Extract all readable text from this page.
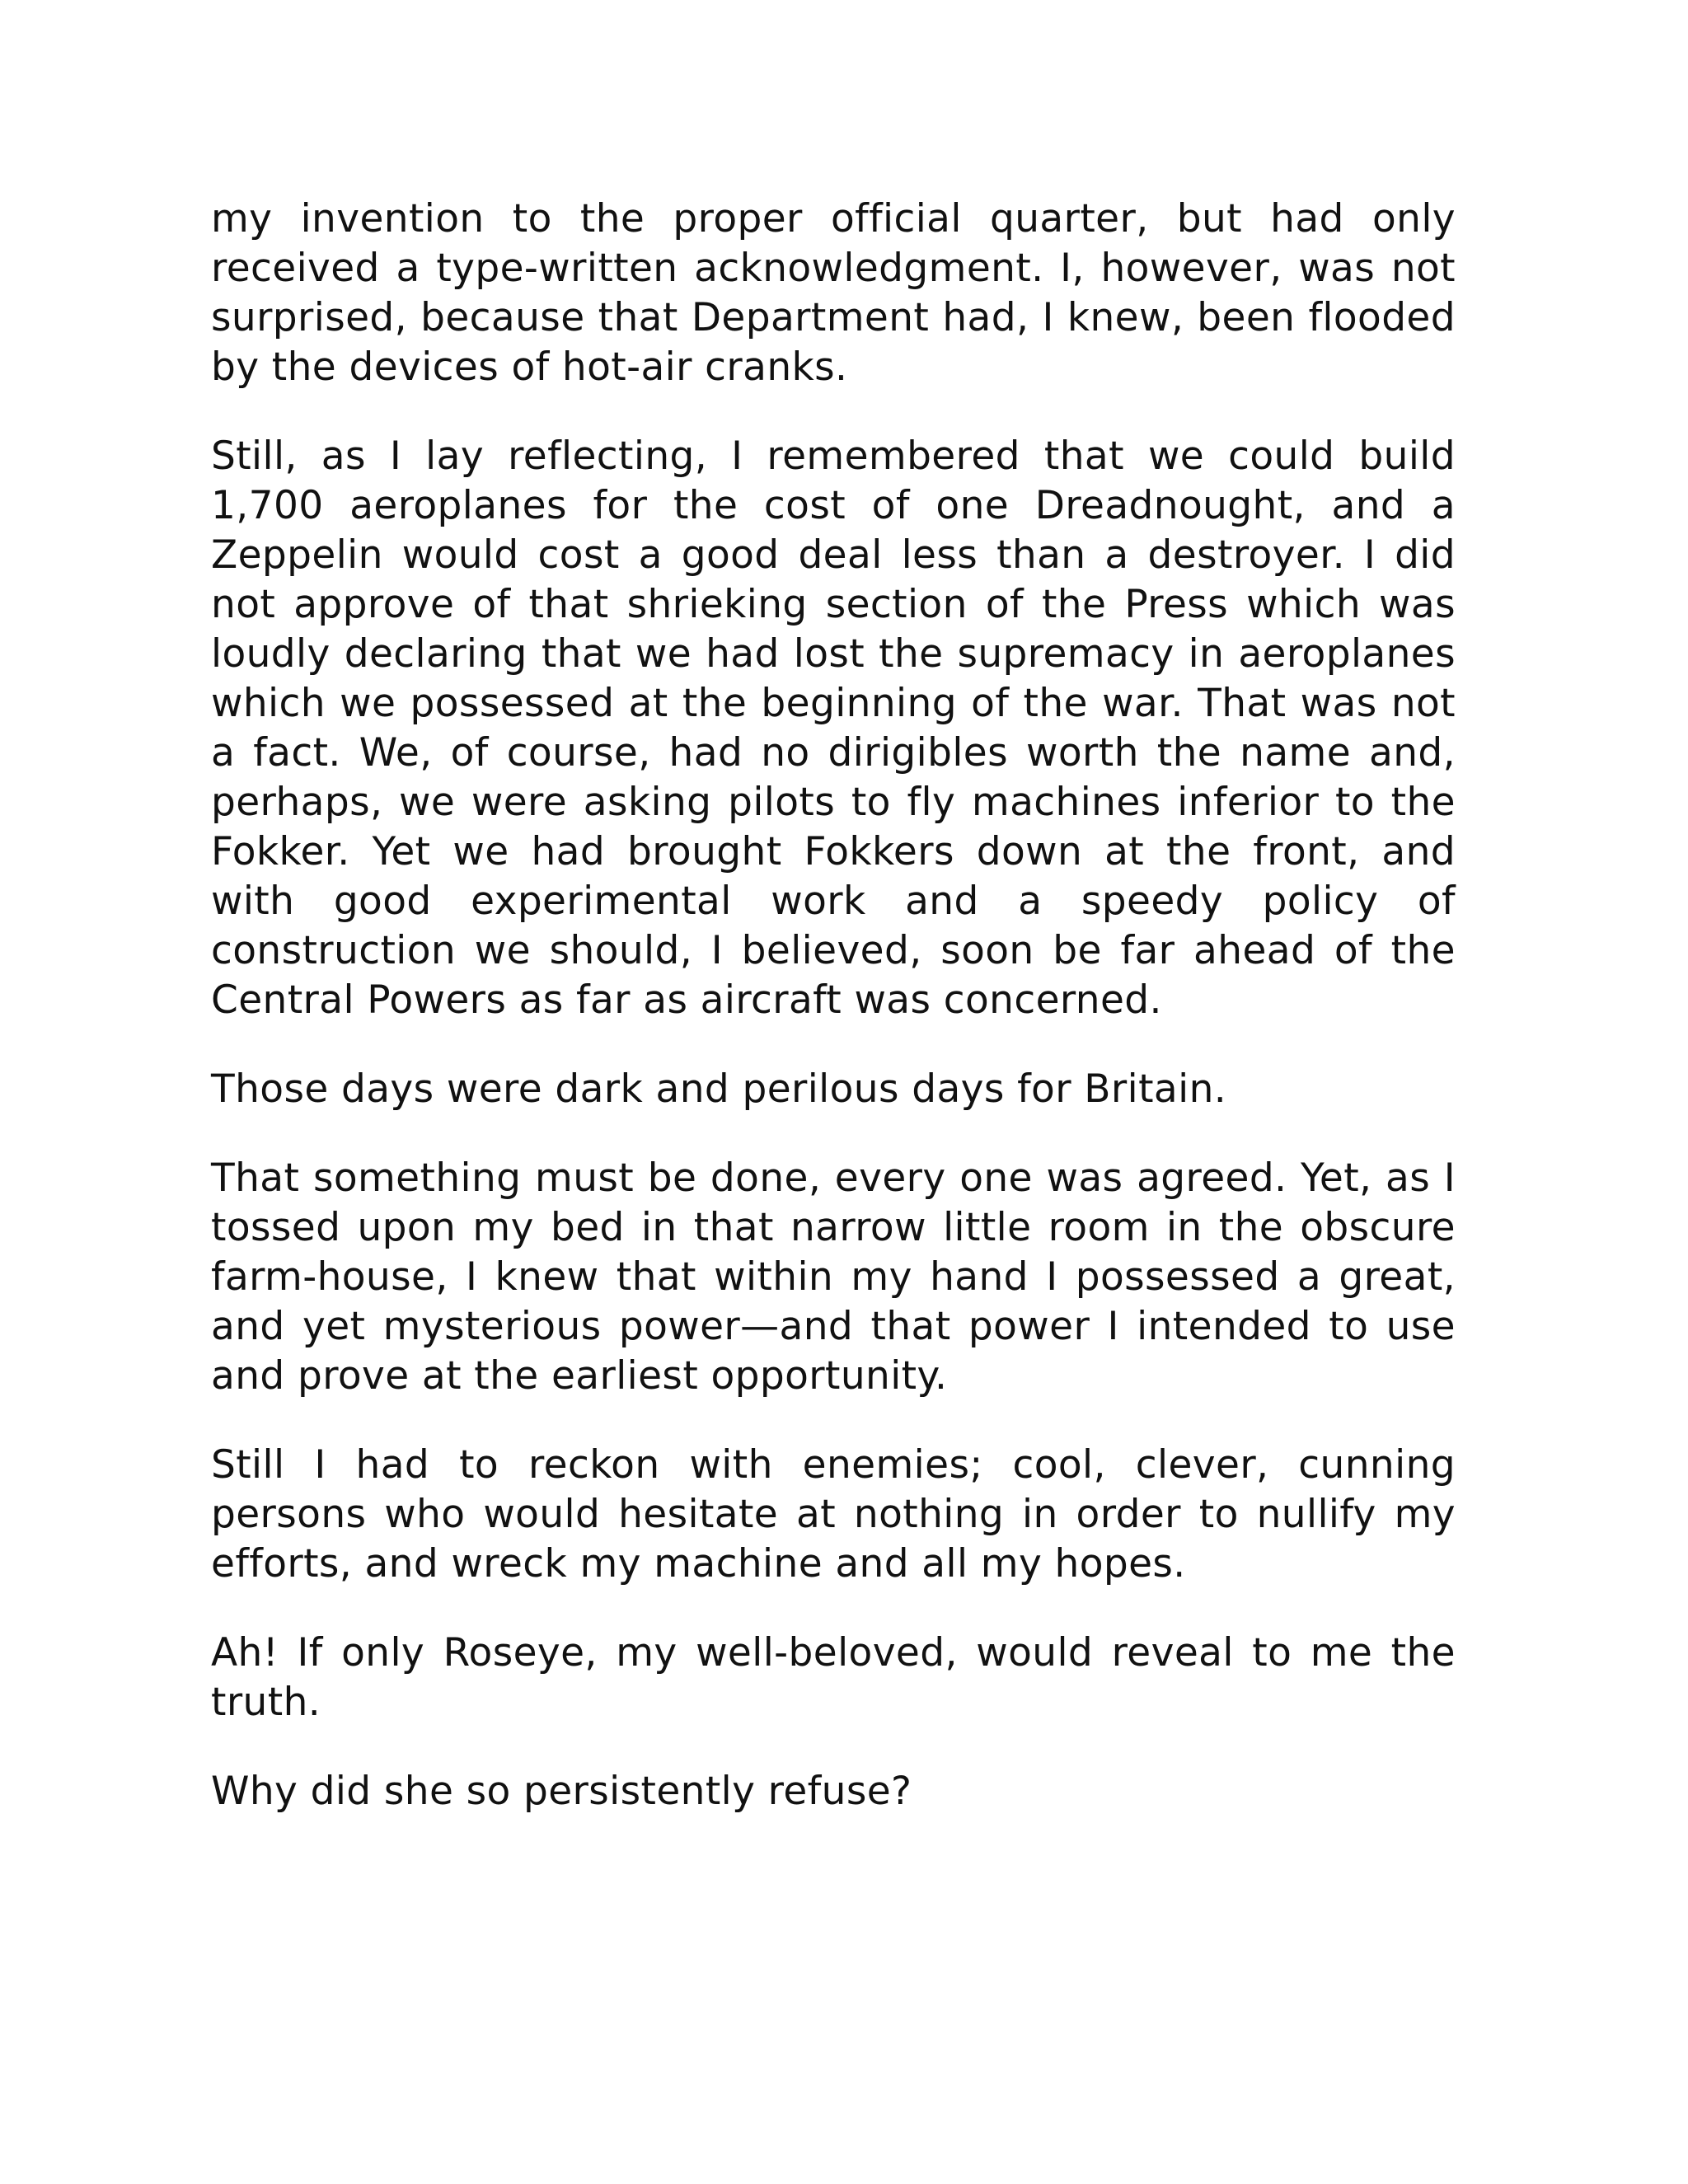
my invention to the proper official quarter, but had only received a type-written acknowledgment. I, however, was not surprised, because that Department had, I knew, been flooded by the devices of hot-air cranks.

Still, as I lay reflecting, I remembered that we could build 1,700 aeroplanes for the cost of one Dreadnought, and a Zeppelin would cost a good deal less than a destroyer. I did not approve of that shrieking section of the Press which was loudly declaring that we had lost the supremacy in aeroplanes which we possessed at the beginning of the war. That was not a fact. We, of course, had no dirigibles worth the name and, perhaps, we were asking pilots to fly machines inferior to the Fokker. Yet we had brought Fokkers down at the front, and with good experimental work and a speedy policy of construction we should, I believed, soon be far ahead of the Central Powers as far as aircraft was concerned.

Those days were dark and perilous days for Britain.

That something must be done, every one was agreed. Yet, as I tossed upon my bed in that narrow little room in the obscure farm-house, I knew that within my hand I possessed a great, and yet mysterious power—and that power I intended to use and prove at the earliest opportunity.

Still I had to reckon with enemies; cool, clever, cunning persons who would hesitate at nothing in order to nullify my efforts, and wreck my machine and all my hopes.

Ah! If only Roseye, my well-beloved, would reveal to me the truth.

Why did she so persistently refuse?
